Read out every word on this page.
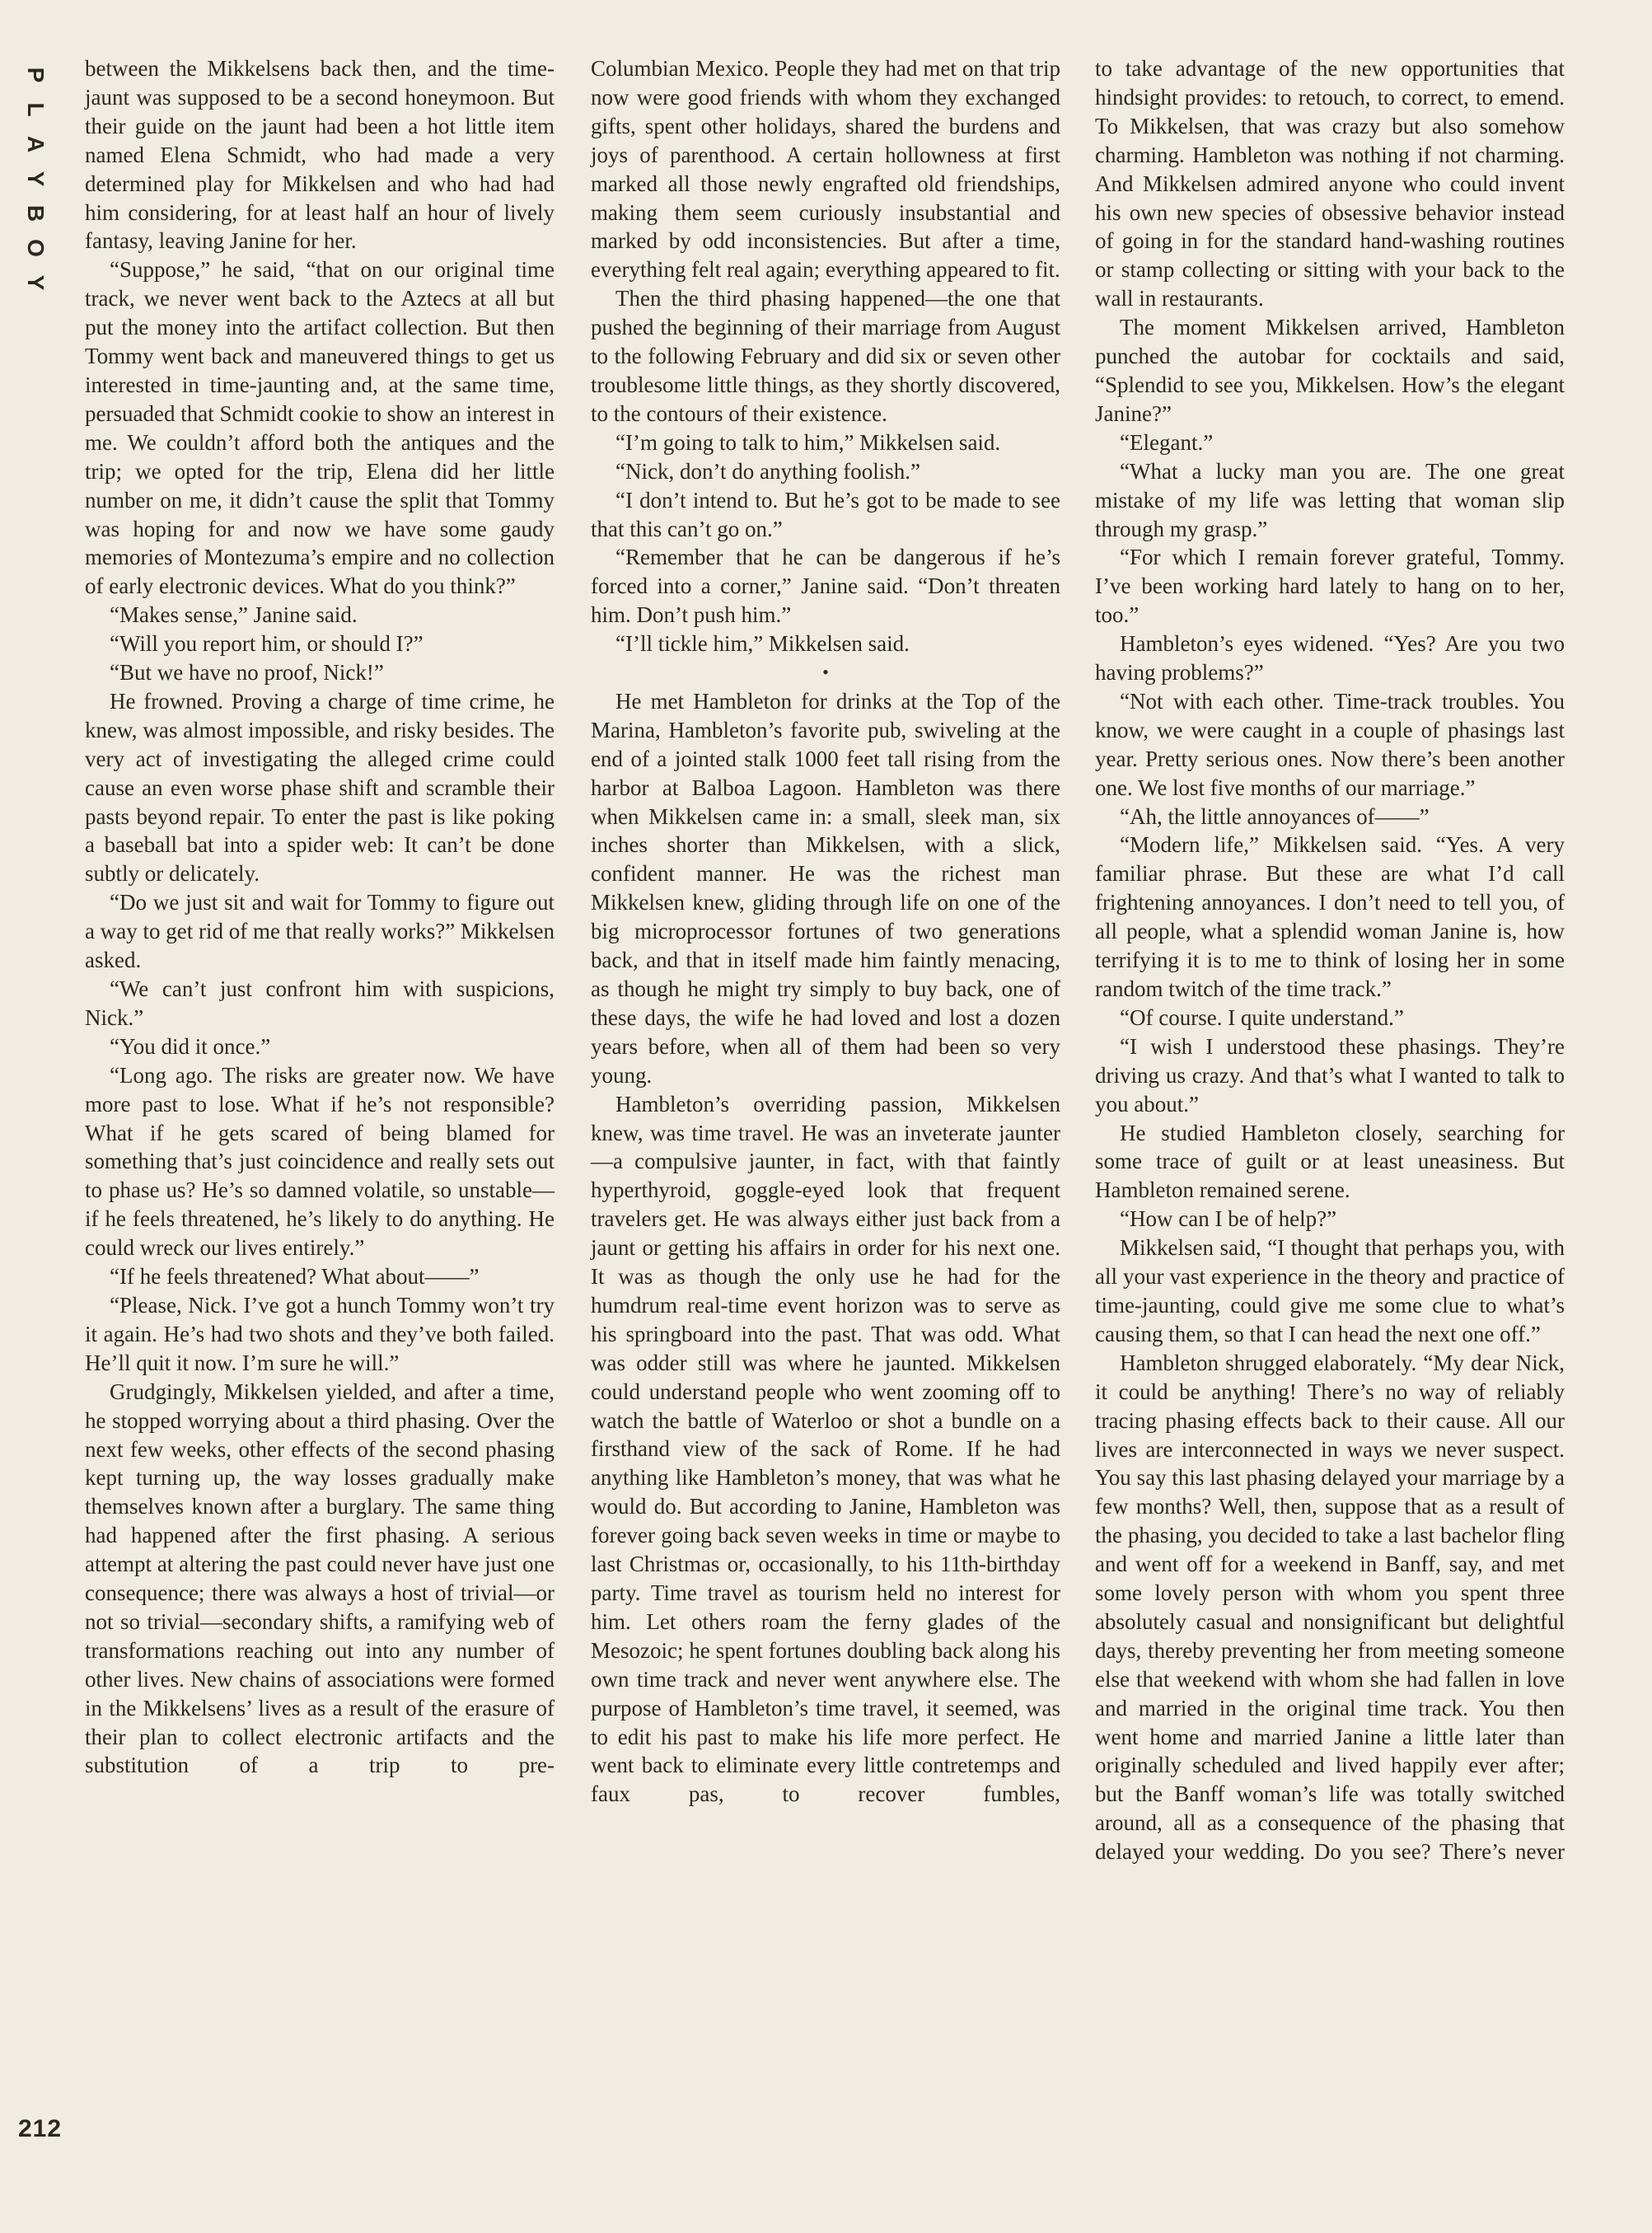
P
L
A
Y
B
O
Y

between the Mikkelsens back then, and the time-jaunt was supposed to be a second honeymoon. But their guide on the jaunt had been a hot little item named Elena Schmidt, who had made a very determined play for Mikkelsen and who had had him considering, for at least half an hour of lively fantasy, leaving Janine for her.

“Suppose,” he said, “that on our original time track, we never went back to the Aztecs at all but put the money into the artifact collection. But then Tommy went back and maneuvered things to get us interested in time-jaunting and, at the same time, persuaded that Schmidt cookie to show an interest in me. We couldn’t afford both the antiques and the trip; we opted for the trip, Elena did her little number on me, it didn’t cause the split that Tommy was hoping for and now we have some gaudy memories of Montezuma’s empire and no collection of early electronic devices. What do you think?”

“Makes sense,” Janine said.

“Will you report him, or should I?”

“But we have no proof, Nick!”

He frowned. Proving a charge of time crime, he knew, was almost impossible, and risky besides. The very act of investigating the alleged crime could cause an even worse phase shift and scramble their pasts beyond repair. To enter the past is like poking a baseball bat into a spider web: It can’t be done subtly or delicately.

“Do we just sit and wait for Tommy to figure out a way to get rid of me that really works?” Mikkelsen asked.

“We can’t just confront him with suspicions, Nick.”

“You did it once.”

“Long ago. The risks are greater now. We have more past to lose. What if he’s not responsible? What if he gets scared of being blamed for something that’s just coincidence and really sets out to phase us? He’s so damned volatile, so unstable—if he feels threatened, he’s likely to do anything. He could wreck our lives entirely.”

“If he feels threatened? What about——”

“Please, Nick. I’ve got a hunch Tommy won’t try it again. He’s had two shots and they’ve both failed. He’ll quit it now. I’m sure he will.”

Grudgingly, Mikkelsen yielded, and after a time, he stopped worrying about a third phasing. Over the next few weeks, other effects of the second phasing kept turning up, the way losses gradually make themselves known after a burglary. The same thing had happened after the first phasing. A serious attempt at altering the past could never have just one consequence; there was always a host of trivial—or not so trivial—secondary shifts, a ramifying web of transformations reaching out into any number of other lives. New chains of associations were formed in the Mikkelsens’ lives as a result of the erasure of their plan to collect electronic artifacts and the substitution of a trip to pre-

Columbian Mexico. People they had met on that trip now were good friends with whom they exchanged gifts, spent other holidays, shared the burdens and joys of parenthood. A certain hollowness at first marked all those newly engrafted old friendships, making them seem curiously insubstantial and marked by odd inconsistencies. But after a time, everything felt real again; everything appeared to fit.

Then the third phasing happened—the one that pushed the beginning of their marriage from August to the following February and did six or seven other troublesome little things, as they shortly discovered, to the contours of their existence.

“I’m going to talk to him,” Mikkelsen said.

“Nick, don’t do anything foolish.”

“I don’t intend to. But he’s got to be made to see that this can’t go on.”

“Remember that he can be dangerous if he’s forced into a corner,” Janine said. “Don’t threaten him. Don’t push him.”

“I’ll tickle him,” Mikkelsen said.

•

He met Hambleton for drinks at the Top of the Marina, Hambleton’s favorite pub, swiveling at the end of a jointed stalk 1000 feet tall rising from the harbor at Balboa Lagoon. Hambleton was there when Mikkelsen came in: a small, sleek man, six inches shorter than Mikkelsen, with a slick, confident manner. He was the richest man Mikkelsen knew, gliding through life on one of the big microprocessor fortunes of two generations back, and that in itself made him faintly menacing, as though he might try simply to buy back, one of these days, the wife he had loved and lost a dozen years before, when all of them had been so very young.

Hambleton’s overriding passion, Mikkelsen knew, was time travel. He was an inveterate jaunter—a compulsive jaunter, in fact, with that faintly hyperthyroid, goggle-eyed look that frequent travelers get. He was always either just back from a jaunt or getting his affairs in order for his next one. It was as though the only use he had for the humdrum real-time event horizon was to serve as his springboard into the past. That was odd. What was odder still was where he jaunted. Mikkelsen could understand people who went zooming off to watch the battle of Waterloo or shot a bundle on a firsthand view of the sack of Rome. If he had anything like Hambleton’s money, that was what he would do. But according to Janine, Hambleton was forever going back seven weeks in time or maybe to last Christmas or, occasionally, to his 11th-birthday party. Time travel as tourism held no interest for him. Let others roam the ferny glades of the Mesozoic; he spent fortunes doubling back along his own time track and never went anywhere else. The purpose of Hambleton’s time travel, it seemed, was to edit his past to make his life more perfect. He went back to eliminate every little contretemps and faux pas, to recover fumbles,

to take advantage of the new opportunities that hindsight provides: to retouch, to correct, to emend. To Mikkelsen, that was crazy but also somehow charming. Hambleton was nothing if not charming. And Mikkelsen admired anyone who could invent his own new species of obsessive behavior instead of going in for the standard hand-washing routines or stamp collecting or sitting with your back to the wall in restaurants.

The moment Mikkelsen arrived, Hambleton punched the autobar for cocktails and said, “Splendid to see you, Mikkelsen. How’s the elegant Janine?”

“Elegant.”

“What a lucky man you are. The one great mistake of my life was letting that woman slip through my grasp.”

“For which I remain forever grateful, Tommy. I’ve been working hard lately to hang on to her, too.”

Hambleton’s eyes widened. “Yes? Are you two having problems?”

“Not with each other. Time-track troubles. You know, we were caught in a couple of phasings last year. Pretty serious ones. Now there’s been another one. We lost five months of our marriage.”

“Ah, the little annoyances of——”

“Modern life,” Mikkelsen said. “Yes. A very familiar phrase. But these are what I’d call frightening annoyances. I don’t need to tell you, of all people, what a splendid woman Janine is, how terrifying it is to me to think of losing her in some random twitch of the time track.”

“Of course. I quite understand.”

“I wish I understood these phasings. They’re driving us crazy. And that’s what I wanted to talk to you about.”

He studied Hambleton closely, searching for some trace of guilt or at least uneasiness. But Hambleton remained serene.

“How can I be of help?”

Mikkelsen said, “I thought that perhaps you, with all your vast experience in the theory and practice of time-jaunting, could give me some clue to what’s causing them, so that I can head the next one off.”

Hambleton shrugged elaborately. “My dear Nick, it could be anything! There’s no way of reliably tracing phasing effects back to their cause. All our lives are interconnected in ways we never suspect. You say this last phasing delayed your marriage by a few months? Well, then, suppose that as a result of the phasing, you decided to take a last bachelor fling and went off for a weekend in Banff, say, and met some lovely person with whom you spent three absolutely casual and nonsignificant but delightful days, thereby preventing her from meeting someone else that weekend with whom she had fallen in love and married in the original time track. You then went home and married Janine a little later than originally scheduled and lived happily ever after; but the Banff woman’s life was totally switched around, all as a consequence of the phasing that delayed your wedding. Do you see? There’s never

212
